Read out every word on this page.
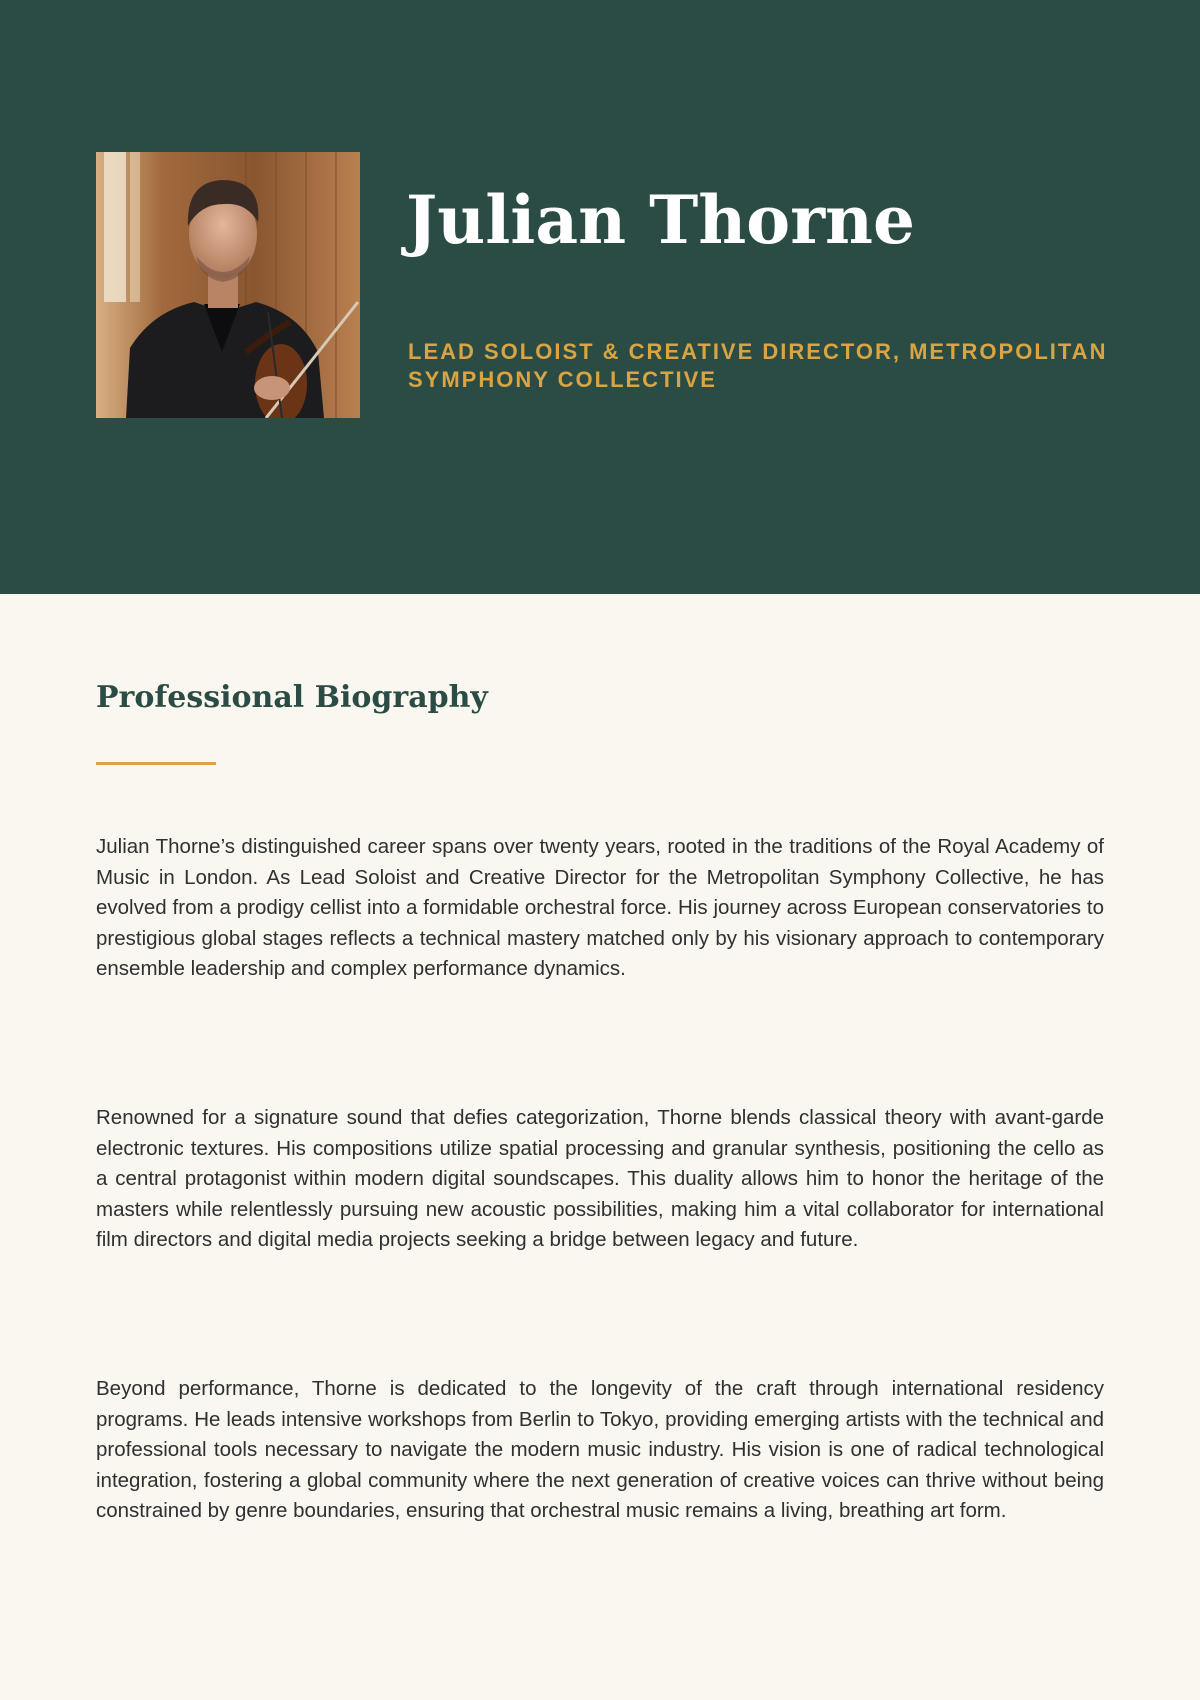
Julian Thorne

LEAD SOLOIST & CREATIVE DIRECTOR, METROPOLITAN SYMPHONY COLLECTIVE

Professional Biography

Julian Thorne’s distinguished career spans over twenty years, rooted in the traditions of the Royal Academy of Music in London. As Lead Soloist and Creative Director for the Metropolitan Symphony Collective, he has evolved from a prodigy cellist into a formidable orchestral force. His journey across European conservatories to prestigious global stages reflects a technical mastery matched only by his visionary approach to contemporary ensemble leadership and complex performance dynamics.

Renowned for a signature sound that defies categorization, Thorne blends classical theory with avant-garde electronic textures. His compositions utilize spatial processing and granular synthesis, positioning the cello as a central protagonist within modern digital soundscapes. This duality allows him to honor the heritage of the masters while relentlessly pursuing new acoustic possibilities, making him a vital collaborator for international film directors and digital media projects seeking a bridge between legacy and future.

Beyond performance, Thorne is dedicated to the longevity of the craft through international residency programs. He leads intensive workshops from Berlin to Tokyo, providing emerging artists with the technical and professional tools necessary to navigate the modern music industry. His vision is one of radical technological integration, fostering a global community where the next generation of creative voices can thrive without being constrained by genre boundaries, ensuring that orchestral music remains a living, breathing art form.
